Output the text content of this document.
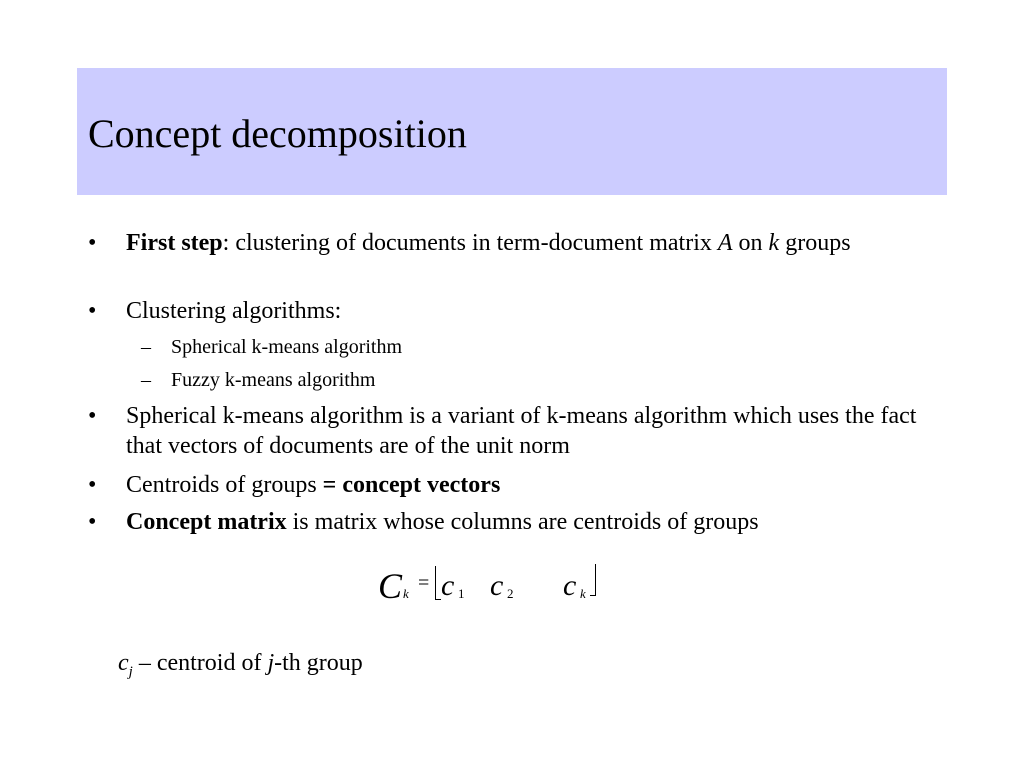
Concept decomposition
•	First step: clustering of documents in term-document matrix A on k groups
•	Clustering algorithms:
– Spherical k-means algorithm
– Fuzzy k-means algorithm
•	Spherical k-means algorithm is a variant of k-means algorithm which uses the fact that vectors of documents are of the unit norm
•	Centroids of groups = concept vectors
•	Concept matrix is matrix whose columns are centroids of groups
C k = c 1 c 2 c k
$c_j$ – centroid of j-th group
